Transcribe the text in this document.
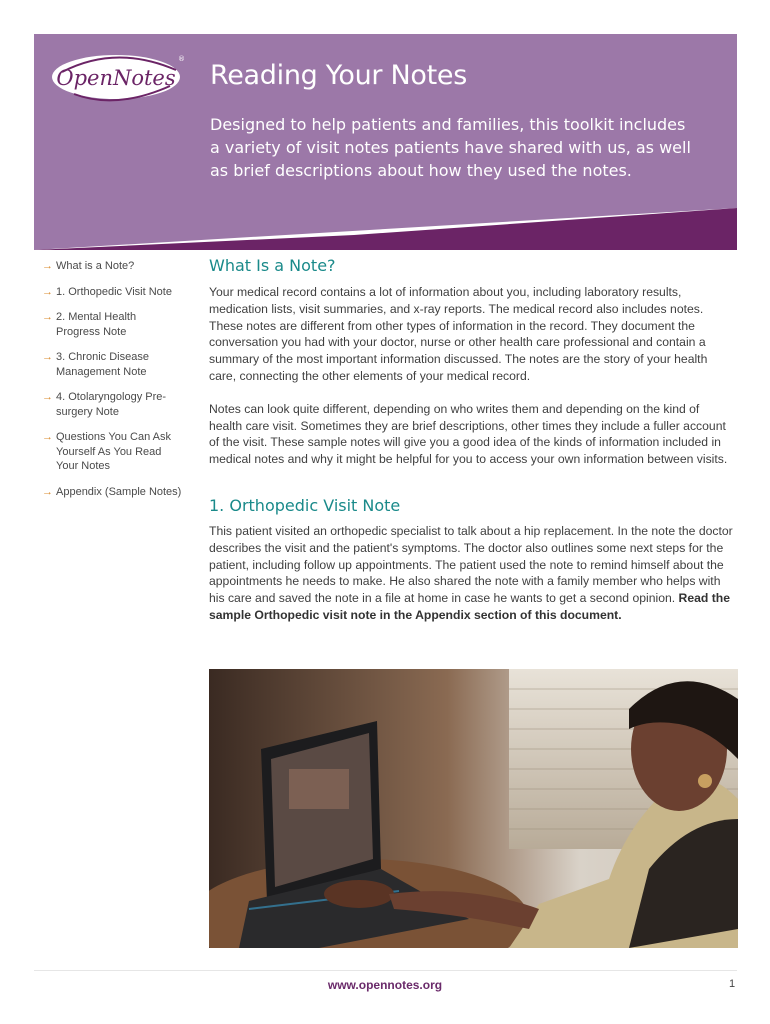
OpenNotes
®
Reading Your Notes

Designed to help patients and families, this toolkit includes a variety of visit notes patients have shared with us, as well as brief descriptions about how they used the notes.

→ What is a Note?
→ 1. Orthopedic Visit Note
→ 2. Mental Health Progress Note
→ 3. Chronic Disease Management Note
→ 4. Otolaryngology Pre-surgery Note
→ Questions You Can Ask Yourself As You Read Your Notes
→ Appendix (Sample Notes)
What Is a Note?

Your medical record contains a lot of information about you, including laboratory results, medication lists, visit summaries, and x-ray reports. The medical record also includes notes. These notes are different from other types of information in the record. They document the conversation you had with your doctor, nurse or other health care professional and contain a summary of the most important information discussed. The notes are the story of your health care, connecting the other elements of your medical record.

Notes can look quite different, depending on who writes them and depending on the kind of health care visit. Sometimes they are brief descriptions, other times they include a fuller account of the visit. These sample notes will give you a good idea of the kinds of information included in medical notes and why it might be helpful for you to access your own information between visits.

1. Orthopedic Visit Note

This patient visited an orthopedic specialist to talk about a hip replacement. In the note the doctor describes the visit and the patient's symptoms. The doctor also outlines some next steps for the patient, including follow up appointments. The patient used the note to remind himself about the appointments he needs to make. He also shared the note with a family member who helps with his care and saved the note in a file at home in case he wants to get a second opinion. Read the sample Orthopedic visit note in the Appendix section of this document.

www.opennotes.org	1
